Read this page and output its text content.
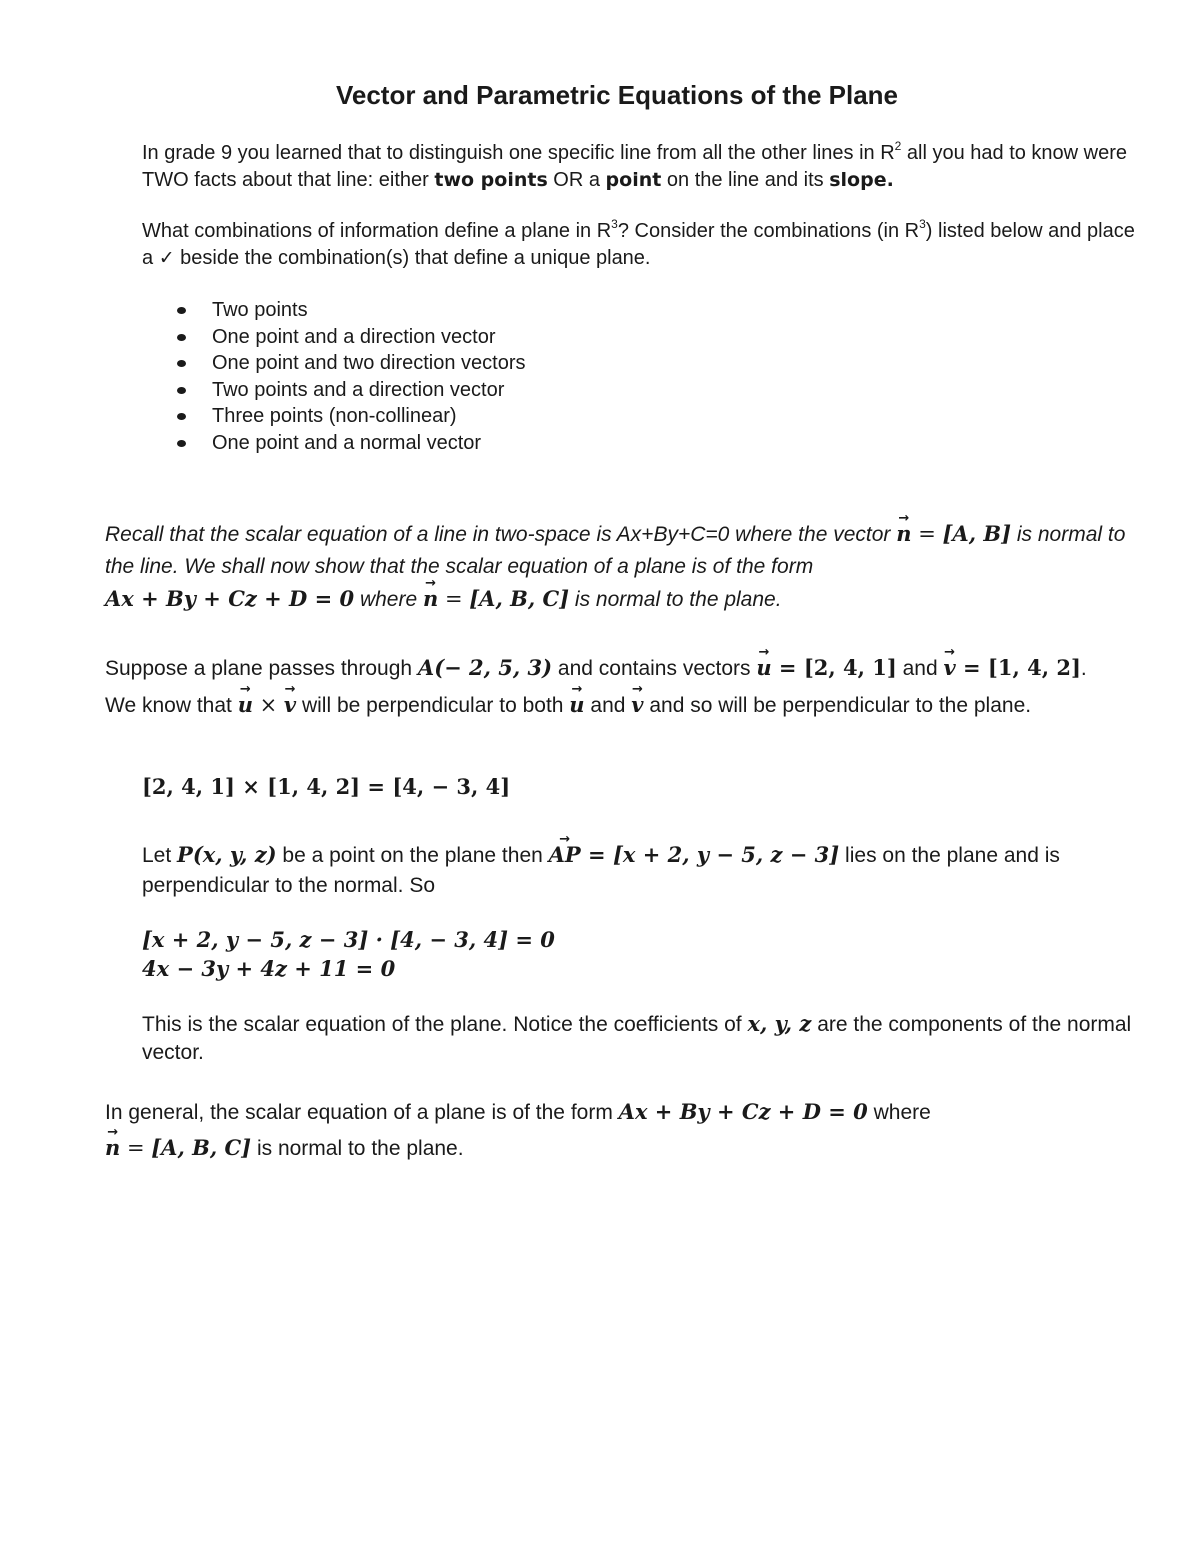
Vector and Parametric Equations of the Plane
In grade 9 you learned that to distinguish one specific line from all the other lines in $R^2$ all you had to know were TWO facts about that line: either two points OR a point on the line and its slope.
What combinations of information define a plane in $R^3$? Consider the combinations (in $R^3$) listed below and place a ✓ beside the combination(s) that define a unique plane.
Two points
One point and a direction vector
One point and two direction vectors
Two points and a direction vector
Three points (non-collinear)
One point and a normal vector
Recall that the scalar equation of a line in two-space is Ax+By+C=0 where the vector → n = [A, B] is normal to the line. We shall now show that the scalar equation of a plane is of the form
Ax + By + Cz + D = 0 where → n = [A, B, C] is normal to the plane.
Suppose a plane passes through A(− 2, 5, 3) and contains vectors → u = [2, 4, 1] and → v = [1, 4, 2].
We know that → u × → v will be perpendicular to both → u and → v and so will be perpendicular to the plane.
[2, 4, 1] × [1, 4, 2] = [4, − 3, 4]
Let P(x, y, z) be a point on the plane then → AP = [x + 2, y − 5, z − 3] lies on the plane and is perpendicular to the normal. So
[x + 2, y − 5, z − 3] · [4, − 3, 4] = 0
4x − 3y + 4z + 11 = 0
This is the scalar equation of the plane. Notice the coefficients of x, y, z are the components of the normal vector.
In general, the scalar equation of a plane is of the form Ax + By + Cz + D = 0 where
→ n = [A, B, C] is normal to the plane.
